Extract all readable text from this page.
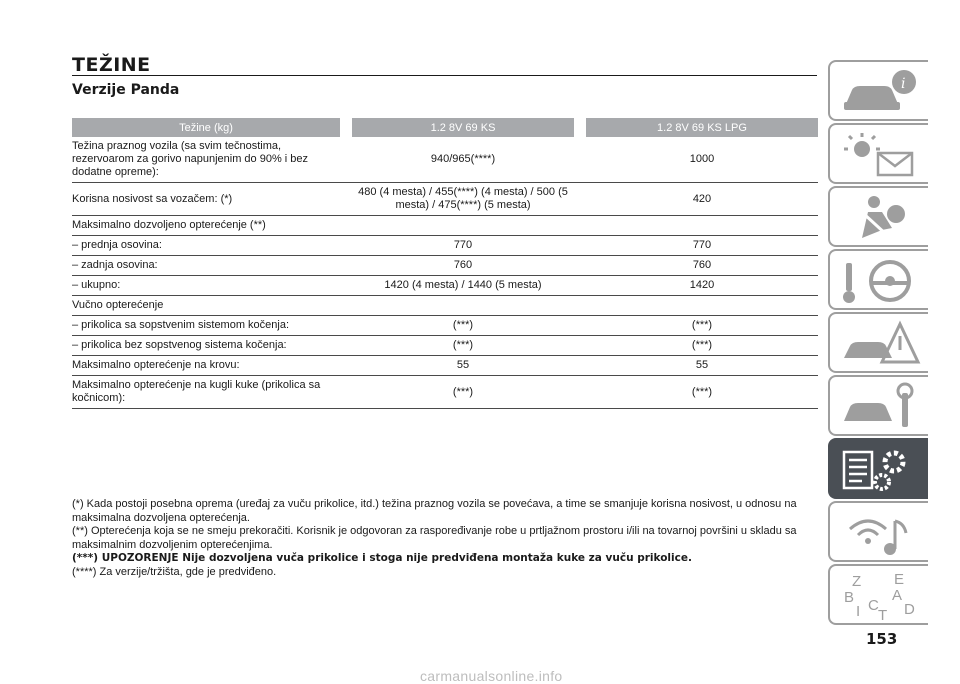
TEŽINE
Verzije Panda
Težine (kg)		1.2 8V 69 KS		1.2 8V 69 KS LPG
Težina praznog vozila (sa svim tečnostima, rezervoarom za gorivo napunjenim do 90% i bez dodatne opreme):	940/965(****)			1000
Korisna nosivost sa vozačem: (*)	480 (4 mesta) / 455(****) (4 mesta) / 500 (5 mesta) / 475(****) (5 mesta)			420
Maksimalno dozvoljeno opterećenje (**)				
– prednja osovina:	770			770
– zadnja osovina:	760			760
– ukupno:	1420 (4 mesta) / 1440 (5 mesta)			1420
Vučno opterećenje				
– prikolica sa sopstvenim sistemom kočenja:	(***)			(***)
– prikolica bez sopstvenog sistema kočenja:	(***)			(***)
Maksimalno opterećenje na krovu:	55			55
Maksimalno opterećenje na kugli kuke (prikolica sa kočnicom):	(***)			(***)

(*) Kada postoji posebna oprema (uređaj za vuču prikolice, itd.) težina praznog vozila se povećava, a time se smanjuje korisna nosivost, u odnosu na maksimalna dozvoljena opterećenja.

(**) Opterećenja koja se ne smeju prekoračiti. Korisnik je odgovoran za raspoređivanje robe u prtljažnom prostoru i/ili na tovarnoj površini u skladu sa maksimalnim dozvoljenim opterećenjima.

(***) UPOZORENJE Nije dozvoljena vuča prikolice i stoga nije predviđena montaža kuke za vuču prikolice.

(****) Za verzije/tržišta, gde je predviđeno.

i
Z E
B	A
I C
T D
153
carmanualsonline.info
